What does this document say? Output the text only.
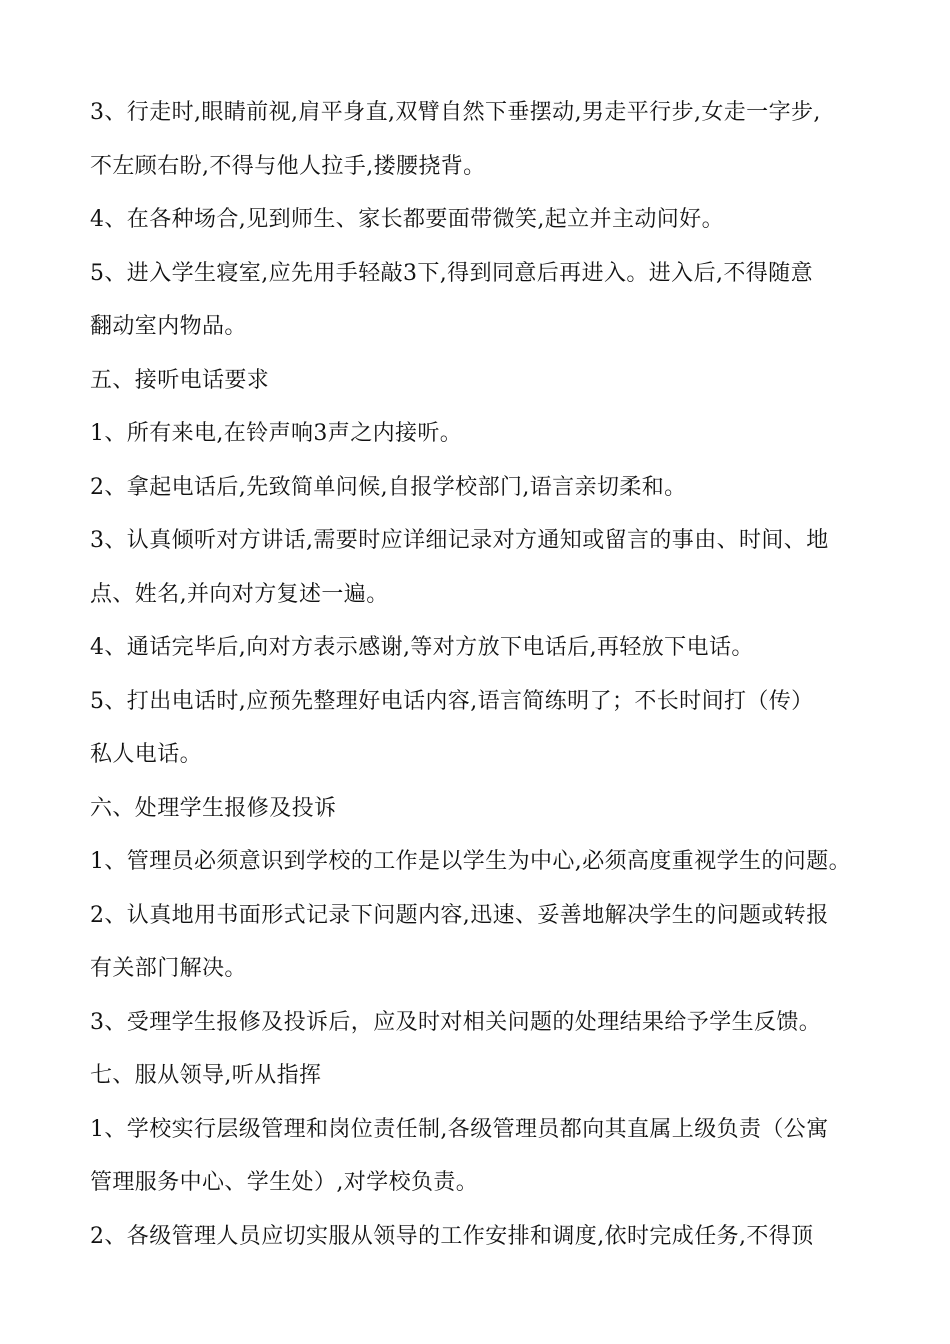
3、行走时,眼睛前视,肩平身直,双臂自然下垂摆动,男走平行步,女走一字步,
不左顾右盼,不得与他人拉手,搂腰挠背。
4、在各种场合,见到师生、家长都要面带微笑,起立并主动问好。
5、进入学生寝室,应先用手轻敲3下,得到同意后再进入。进入后,不得随意
翻动室内物品。
五、接听电话要求
1、所有来电,在铃声响3声之内接听。
2、拿起电话后,先致简单问候,自报学校部门,语言亲切柔和。
3、认真倾听对方讲话,需要时应详细记录对方通知或留言的事由、时间、地
点、姓名,并向对方复述一遍。
4、通话完毕后,向对方表示感谢,等对方放下电话后,再轻放下电话。
5、打出电话时,应预先整理好电话内容,语言简练明了；不长时间打（传）
私人电话。
六、处理学生报修及投诉
1、管理员必须意识到学校的工作是以学生为中心,必须高度重视学生的问题。
2、认真地用书面形式记录下问题内容,迅速、妥善地解决学生的问题或转报
有关部门解决。
3、受理学生报修及投诉后，应及时对相关问题的处理结果给予学生反馈。
七、服从领导,听从指挥
1、学校实行层级管理和岗位责任制,各级管理员都向其直属上级负责（公寓
管理服务中心、学生处）,对学校负责。
2、各级管理人员应切实服从领导的工作安排和调度,依时完成任务,不得顶
